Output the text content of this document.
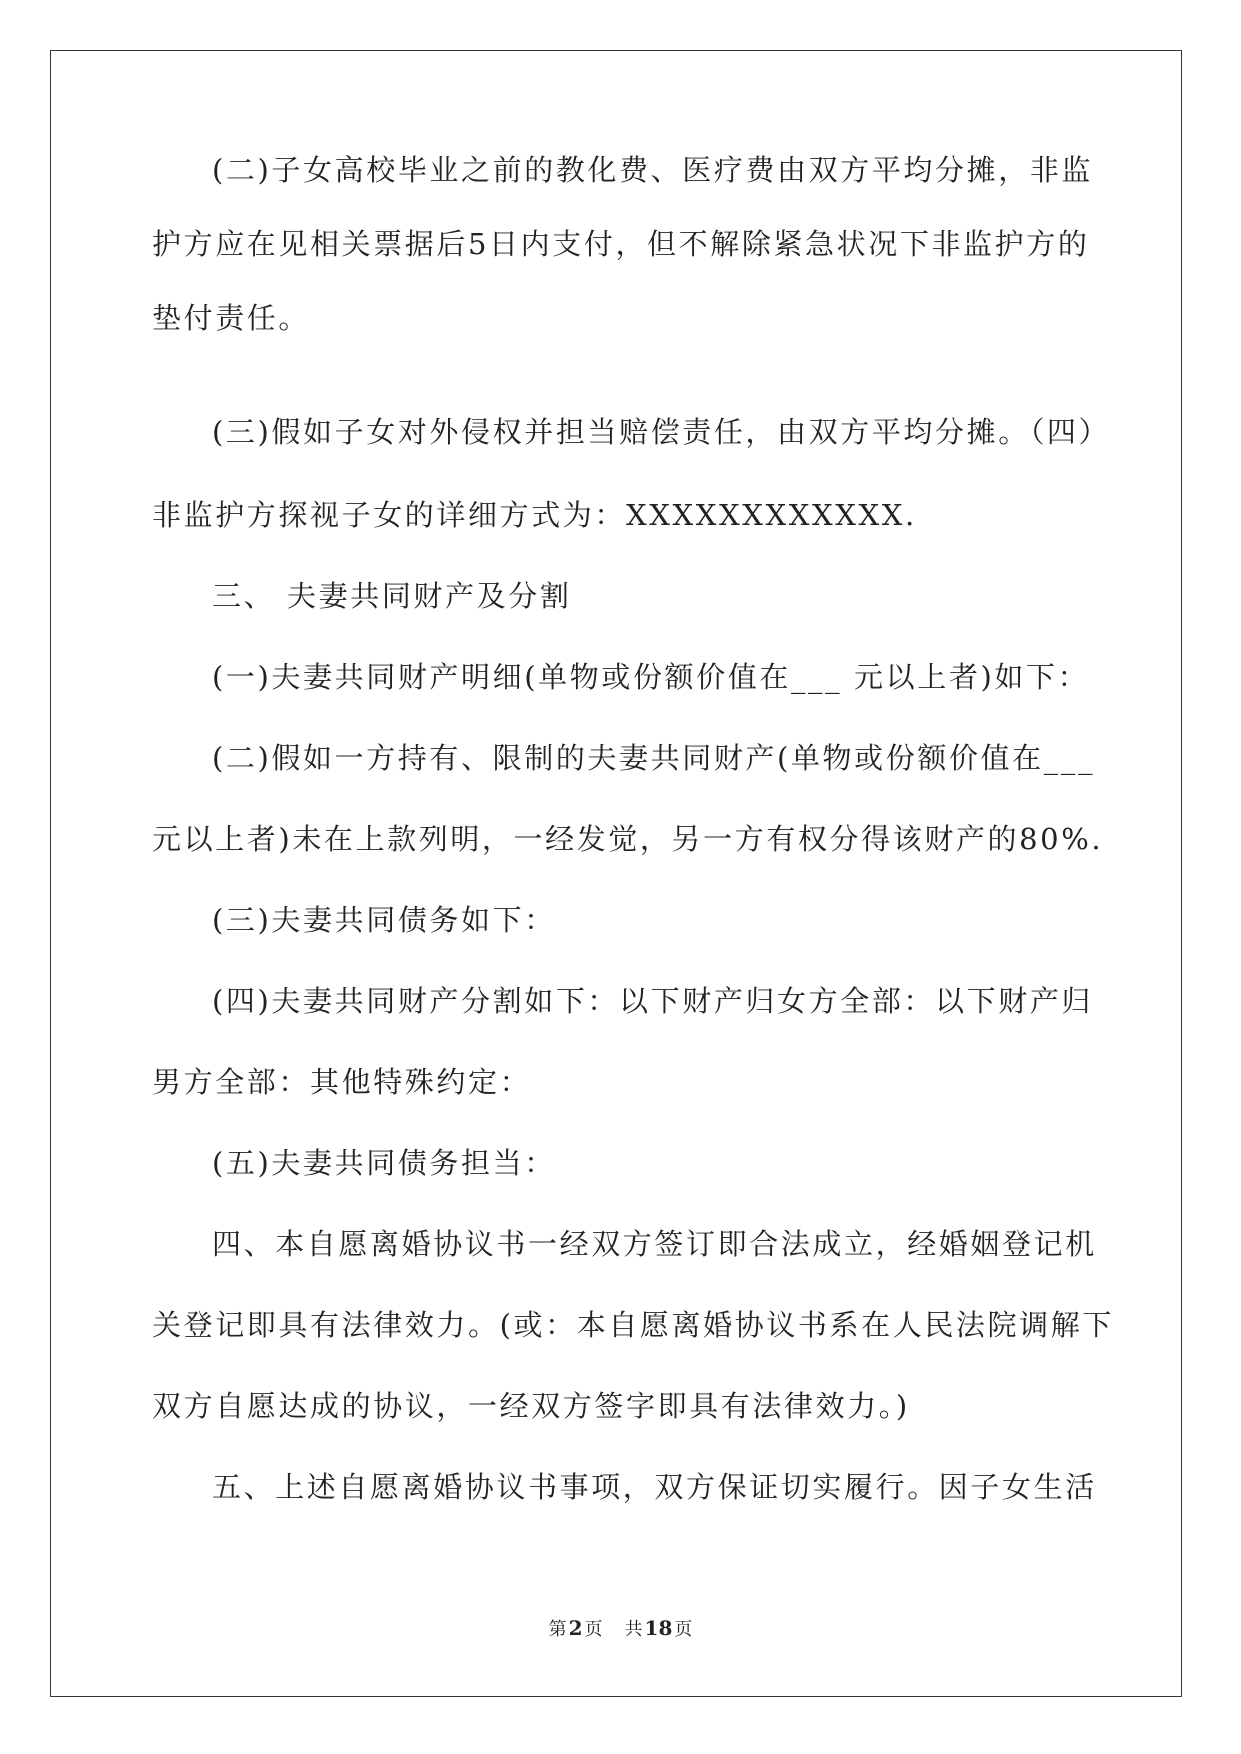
(二)子女高校毕业之前的教化费、医疗费由双方平均分摊，非监
护方应在见相关票据后5日内支付，但不解除紧急状况下非监护方的
垫付责任。
(三)假如子女对外侵权并担当赔偿责任，由双方平均分摊。（四）
非监护方探视子女的详细方式为：XXXXXXXXXXXX.
三、 夫妻共同财产及分割
(一)夫妻共同财产明细(单物或份额价值在___ 元以上者)如下：
(二)假如一方持有、限制的夫妻共同财产(单物或份额价值在___
元以上者)未在上款列明，一经发觉，另一方有权分得该财产的80%.
(三)夫妻共同债务如下：
(四)夫妻共同财产分割如下：以下财产归女方全部：以下财产归
男方全部：其他特殊约定：
(五)夫妻共同债务担当：
四、本自愿离婚协议书一经双方签订即合法成立，经婚姻登记机
关登记即具有法律效力。(或：本自愿离婚协议书系在人民法院调解下
双方自愿达成的协议，一经双方签字即具有法律效力。)
五、上述自愿离婚协议书事项，双方保证切实履行。因子女生活
第 2 页 共 18 页
